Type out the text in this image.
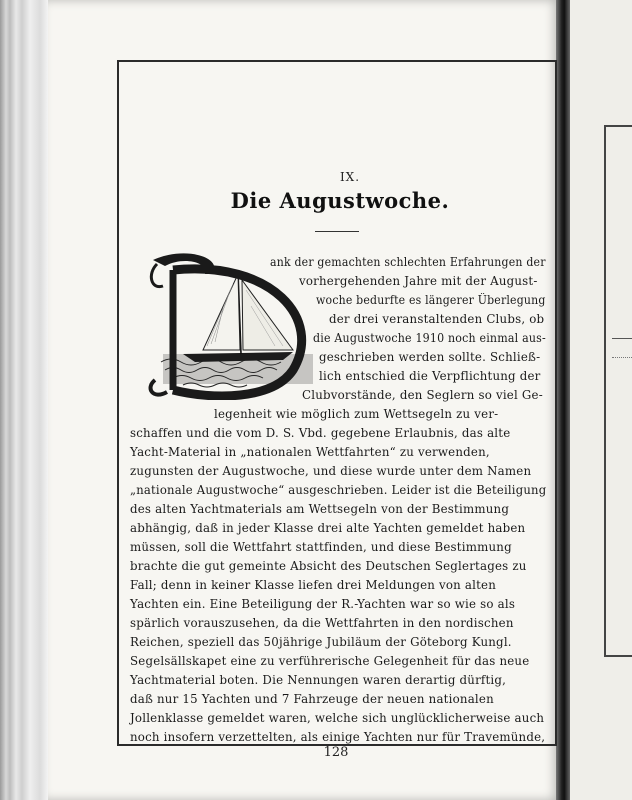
IX.
Die Augustwoche.
ank der gemachten schlechten Erfahrungen der
vorhergehenden Jahre mit der August-
woche bedurfte es längerer Überlegung
der drei veranstaltenden Clubs, ob
die Augustwoche 1910 noch einmal aus-
geschrieben werden sollte. Schließ-
lich entschied die Verpflichtung der
Clubvorstände, den Seglern so viel Ge-
legenheit wie möglich zum Wettsegeln zu ver-
schaffen und die vom D. S. Vbd. gegebene Erlaubnis, das alte
Yacht-Material in „nationalen Wettfahrten“ zu verwenden,
zugunsten der Augustwoche, und diese wurde unter dem Namen
„nationale Augustwoche“ ausgeschrieben. Leider ist die Beteiligung
des alten Yachtmaterials am Wettsegeln von der Bestimmung
abhängig, daß in jeder Klasse drei alte Yachten gemeldet haben
müssen, soll die Wettfahrt stattfinden, und diese Bestimmung
brachte die gut gemeinte Absicht des Deutschen Seglertages zu
Fall; denn in keiner Klasse liefen drei Meldungen von alten
Yachten ein. Eine Beteiligung der R.-Yachten war so wie so als
spärlich vorauszusehen, da die Wettfahrten in den nordischen
Reichen, speziell das 50jährige Jubiläum der Göteborg Kungl.
Segelsällskapet eine zu verführerische Gelegenheit für das neue
Yachtmaterial boten. Die Nennungen waren derartig dürftig,
daß nur 15 Yachten und 7 Fahrzeuge der neuen nationalen
Jollenklasse gemeldet waren, welche sich unglücklicherweise auch
noch insofern verzettelten, als einige Yachten nur für Travemünde,
128
